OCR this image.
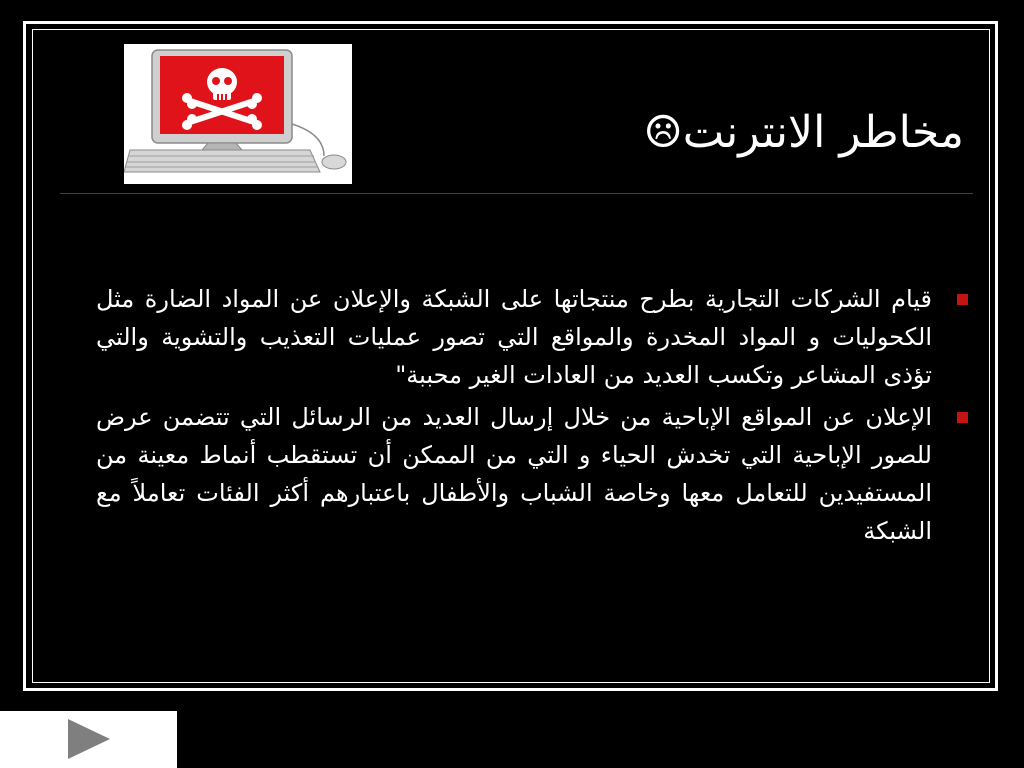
مخاطر الانترنت☹
قيام الشركات التجارية بطرح منتجاتها على الشبكة والإعلان عن المواد الضارة مثل الكحوليات و المواد المخدرة والمواقع التي تصور عمليات التعذيب والتشوية والتي تؤذى المشاعر وتكسب العديد من العادات الغير محببة"
الإعلان عن المواقع الإباحية من خلال إرسال العديد من الرسائل التي تتضمن عرض للصور الإباحية التي تخدش الحياء و التي من الممكن أن تستقطب أنماط معينة من المستفيدين للتعامل معها وخاصة الشباب والأطفال باعتبارهم أكثر الفئات تعاملاً مع الشبكة
